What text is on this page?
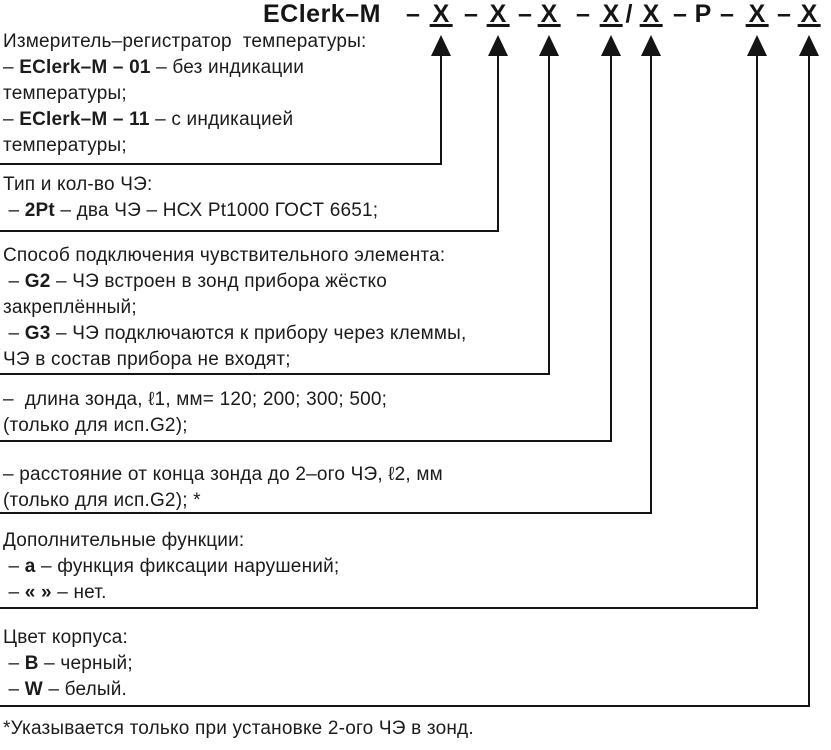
EClerk–M – X – X – X – X / X – P – X – X
Измеритель–регистратор  температуры:
– EClerk–M – 01 – без индикации
температуры;
– EClerk–M – 11 – с индикацией
температуры;
Тип и кол-во ЧЭ:
– 2Pt – два ЧЭ – НСХ Pt1000 ГОСТ 6651;
Способ подключения чувствительного элемента:
– G2 – ЧЭ встроен в зонд прибора жёстко
закреплённый;
– G3 – ЧЭ подключаются к прибору через клеммы,
ЧЭ в состав прибора не входят;
–  длина зонда, ℓ1, мм= 120; 200; 300; 500;
(только для исп.G2);
– расстояние от конца зонда до 2–ого ЧЭ, ℓ2, мм
(только для исп.G2); *
Дополнительные функции:
– а – функция фиксации нарушений;
– « » – нет.
Цвет корпуса:
– B – черный;
– W – белый.
*Указывается только при установке 2-ого ЧЭ в зонд.
